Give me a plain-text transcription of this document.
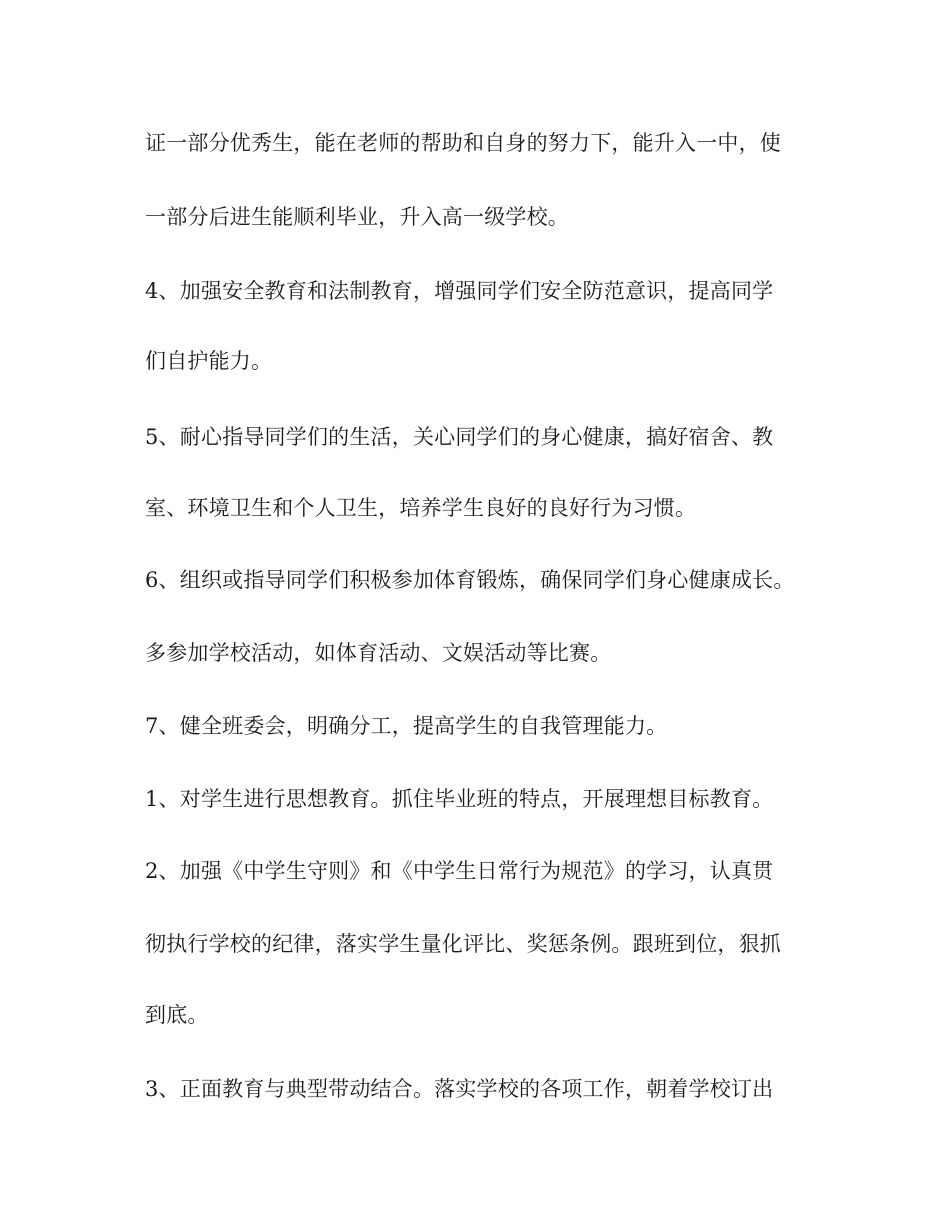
证一部分优秀生，能在老师的帮助和自身的努力下，能升入一中，使
一部分后进生能顺利毕业，升入高一级学校。
4、加强安全教育和法制教育，增强同学们安全防范意识，提高同学
们自护能力。
5、耐心指导同学们的生活，关心同学们的身心健康，搞好宿舍、教
室、环境卫生和个人卫生，培养学生良好的良好行为习惯。
6、组织或指导同学们积极参加体育锻炼，确保同学们身心健康成长。
多参加学校活动，如体育活动、文娱活动等比赛。
7、健全班委会，明确分工，提高学生的自我管理能力。
1、对学生进行思想教育。抓住毕业班的特点，开展理想目标教育。
2、加强《中学生守则》和《中学生日常行为规范》的学习，认真贯
彻执行学校的纪律，落实学生量化评比、奖惩条例。跟班到位，狠抓
到底。
3、正面教育与典型带动结合。落实学校的各项工作，朝着学校订出
